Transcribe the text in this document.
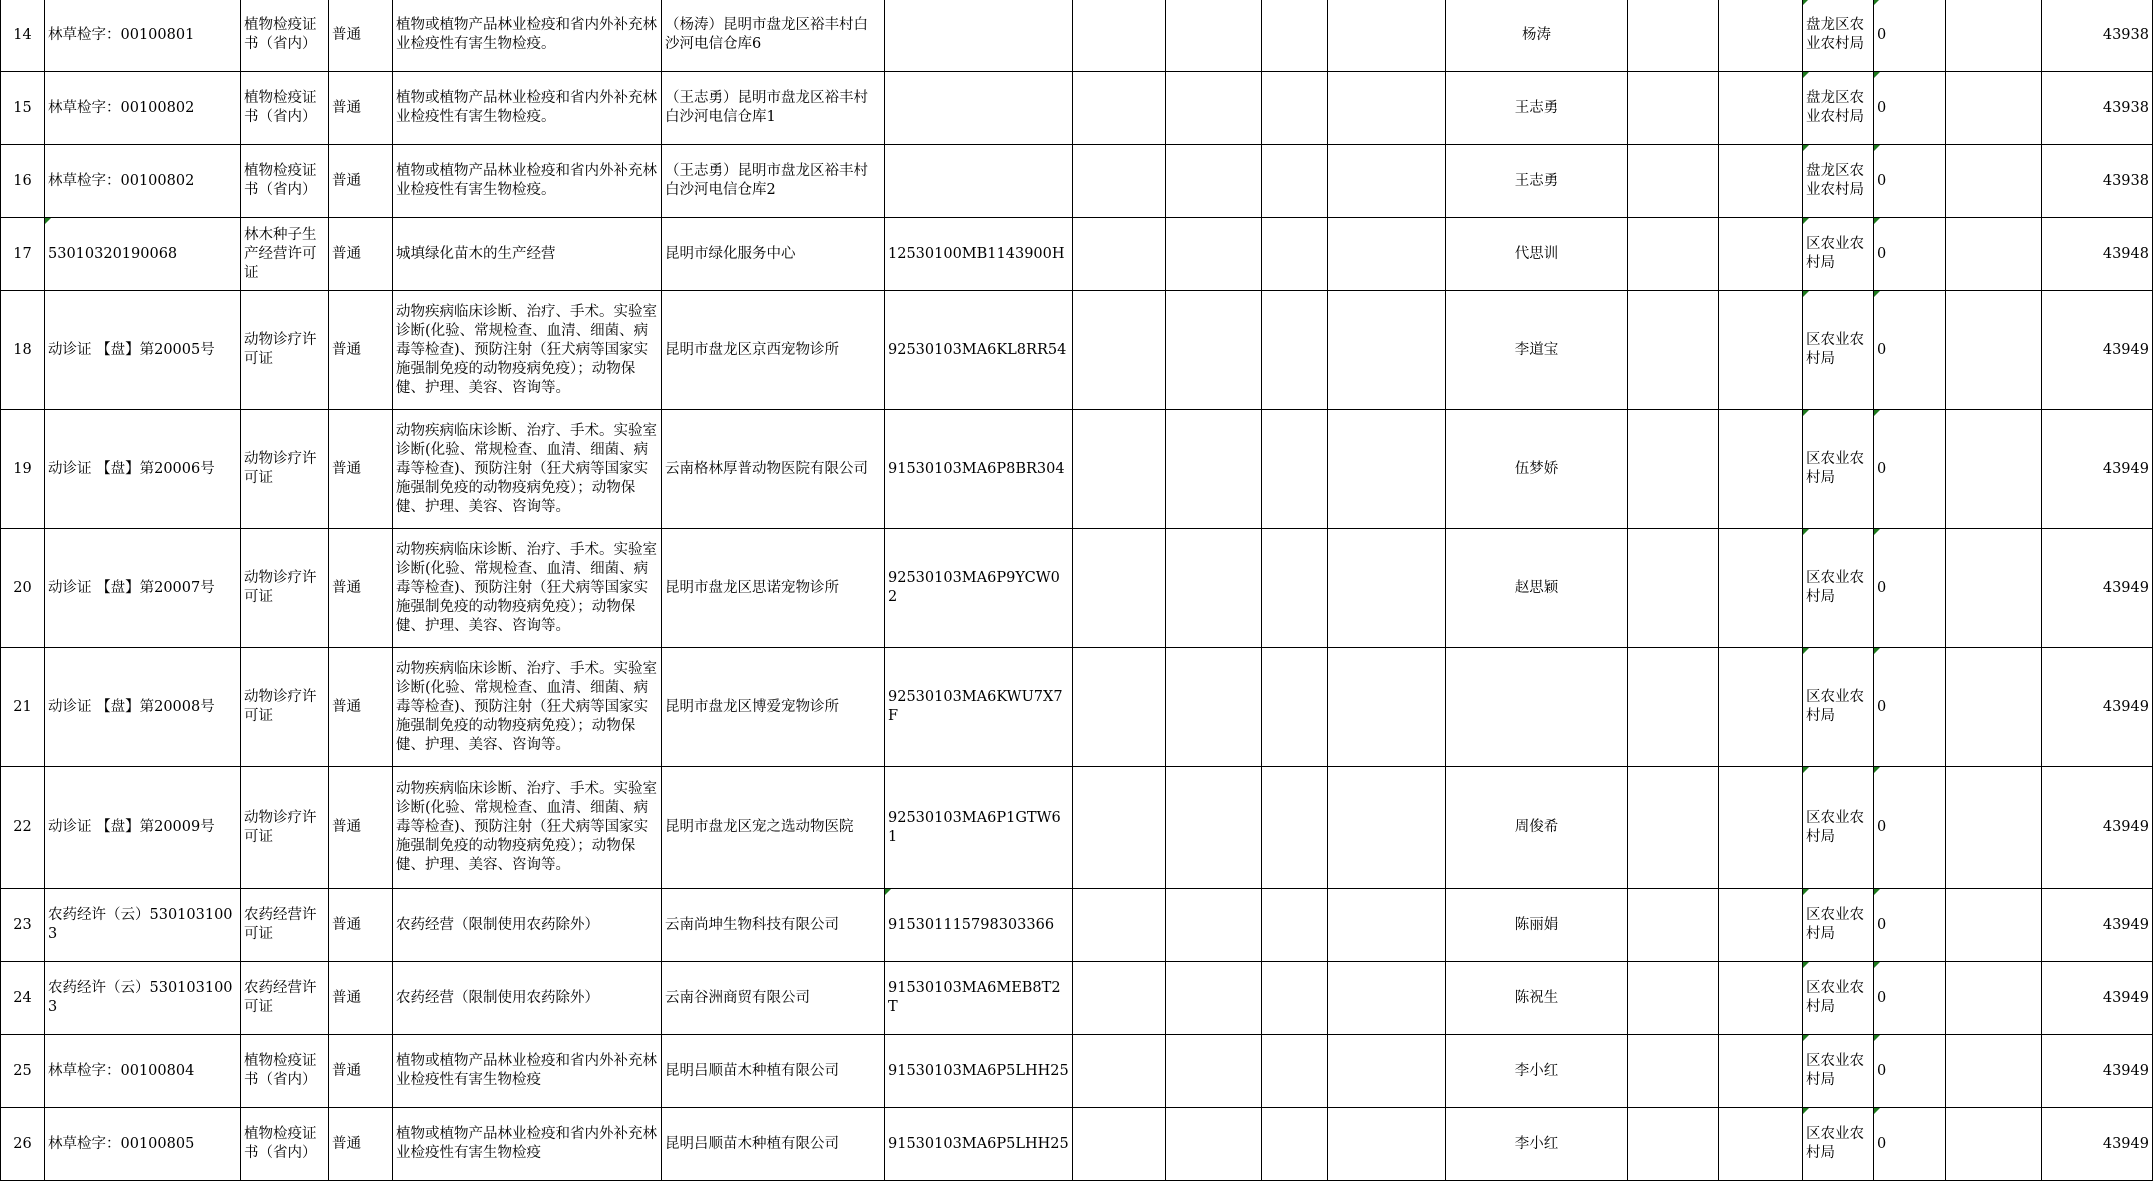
14	林草检字：00100801	植物检疫证书（省内）	普通	植物或植物产品林业检疫和省内外补充林业检疫性有害生物检疫。	（杨涛）昆明市盘龙区裕丰村白沙河电信仓库6						杨涛			盘龙区农业农村局	0		43938
15	林草检字：00100802	植物检疫证书（省内）	普通	植物或植物产品林业检疫和省内外补充林业检疫性有害生物检疫。	（王志勇）昆明市盘龙区裕丰村白沙河电信仓库1						王志勇			盘龙区农业农村局	0		43938
16	林草检字：00100802	植物检疫证书（省内）	普通	植物或植物产品林业检疫和省内外补充林业检疫性有害生物检疫。	（王志勇）昆明市盘龙区裕丰村白沙河电信仓库2						王志勇			盘龙区农业农村局	0		43938
17	53010320190068	林木种子生产经营许可证	普通	城填绿化苗木的生产经营	昆明市绿化服务中心	12530100MB1143900H					代思训			区农业农村局	0		43948
18	动诊证 【盘】第20005号	动物诊疗许可证	普通	动物疾病临床诊断、治疗、手术。实验室诊断(化验、常规检查、血清、细菌、病毒等检查)、预防注射（狂犬病等国家实施强制免疫的动物疫病免疫）；动物保健、护理、美容、咨询等。	昆明市盘龙区京西宠物诊所	92530103MA6KL8RR54					李道宝			区农业农村局	0		43949
19	动诊证 【盘】第20006号	动物诊疗许可证	普通	动物疾病临床诊断、治疗、手术。实验室诊断(化验、常规检查、血清、细菌、病毒等检查)、预防注射（狂犬病等国家实施强制免疫的动物疫病免疫）；动物保健、护理、美容、咨询等。	云南格林厚普动物医院有限公司	91530103MA6P8BR304					伍梦娇			区农业农村局	0		43949
20	动诊证 【盘】第20007号	动物诊疗许可证	普通	动物疾病临床诊断、治疗、手术。实验室诊断(化验、常规检查、血清、细菌、病毒等检查)、预防注射（狂犬病等国家实施强制免疫的动物疫病免疫）；动物保健、护理、美容、咨询等。	昆明市盘龙区思诺宠物诊所	92530103MA6P9YCW02					赵思颖			区农业农村局	0		43949
21	动诊证 【盘】第20008号	动物诊疗许可证	普通	动物疾病临床诊断、治疗、手术。实验室诊断(化验、常规检查、血清、细菌、病毒等检查)、预防注射（狂犬病等国家实施强制免疫的动物疫病免疫）；动物保健、护理、美容、咨询等。	昆明市盘龙区博爱宠物诊所	92530103MA6KWU7X7F								区农业农村局	0		43949
22	动诊证 【盘】第20009号	动物诊疗许可证	普通	动物疾病临床诊断、治疗、手术。实验室诊断(化验、常规检查、血清、细菌、病毒等检查)、预防注射（狂犬病等国家实施强制免疫的动物疫病免疫）；动物保健、护理、美容、咨询等。	昆明市盘龙区宠之选动物医院	92530103MA6P1GTW61					周俊希			区农业农村局	0		43949
23	农药经许（云）5301031003	农药经营许可证	普通	农药经营（限制使用农药除外）	云南尚坤生物科技有限公司	915301115798303366					陈丽娟			区农业农村局	0		43949
24	农药经许（云）5301031003	农药经营许可证	普通	农药经营（限制使用农药除外）	云南谷洲商贸有限公司	91530103MA6MEB8T2T					陈祝生			区农业农村局	0		43949
25	林草检字：00100804	植物检疫证书（省内）	普通	植物或植物产品林业检疫和省内外补充林业检疫性有害生物检疫	昆明吕顺苗木种植有限公司	91530103MA6P5LHH25					李小红			区农业农村局	0		43949
26	林草检字：00100805	植物检疫证书（省内）	普通	植物或植物产品林业检疫和省内外补充林业检疫性有害生物检疫	昆明吕顺苗木种植有限公司	91530103MA6P5LHH25					李小红			区农业农村局	0		43949
